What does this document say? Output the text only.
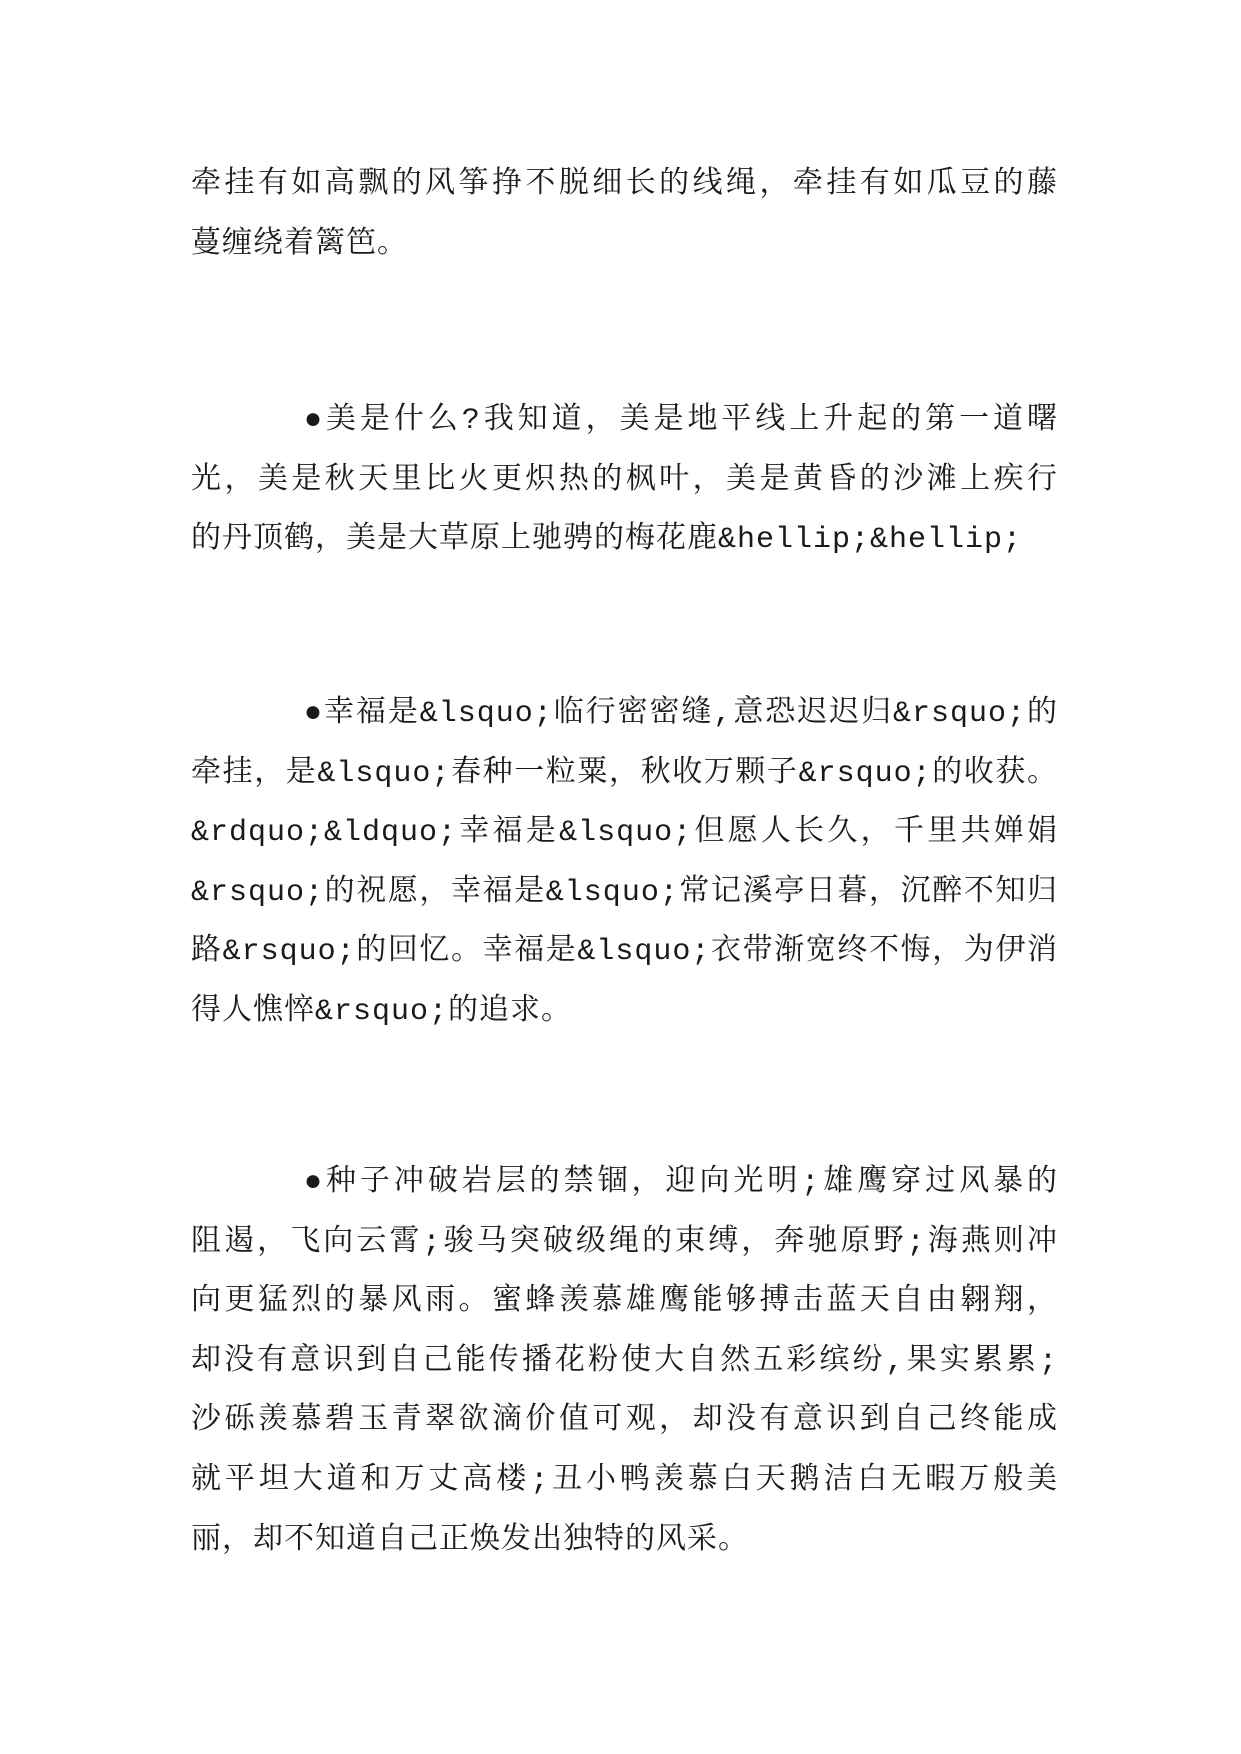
牵挂有如高飘的风筝挣不脱细长的线绳，牵挂有如瓜豆的藤
蔓缠绕着篱笆。
●美是什么?我知道，美是地平线上升起的第一道曙
光，美是秋天里比火更炽热的枫叶，美是黄昏的沙滩上疾行
的丹顶鹤，美是大草原上驰骋的梅花鹿&hellip;&hellip;
●幸福是&lsquo;临行密密缝,意恐迟迟归&rsquo;的
牵挂，是&lsquo;春种一粒粟，秋收万颗子&rsquo;的收获。
&rdquo;&ldquo;幸福是&lsquo;但愿人长久，千里共婵娟
&rsquo;的祝愿，幸福是&lsquo;常记溪亭日暮，沉醉不知归
路&rsquo;的回忆。幸福是&lsquo;衣带渐宽终不悔，为伊消
得人憔悴&rsquo;的追求。
●种子冲破岩层的禁锢，迎向光明;雄鹰穿过风暴的
阻遏，飞向云霄;骏马突破级绳的束缚，奔驰原野;海燕则冲
向更猛烈的暴风雨。蜜蜂羡慕雄鹰能够搏击蓝天自由翱翔，
却没有意识到自己能传播花粉使大自然五彩缤纷,果实累累;
沙砾羡慕碧玉青翠欲滴价值可观，却没有意识到自己终能成
就平坦大道和万丈高楼;丑小鸭羡慕白天鹅洁白无暇万般美
丽，却不知道自己正焕发出独特的风采。
